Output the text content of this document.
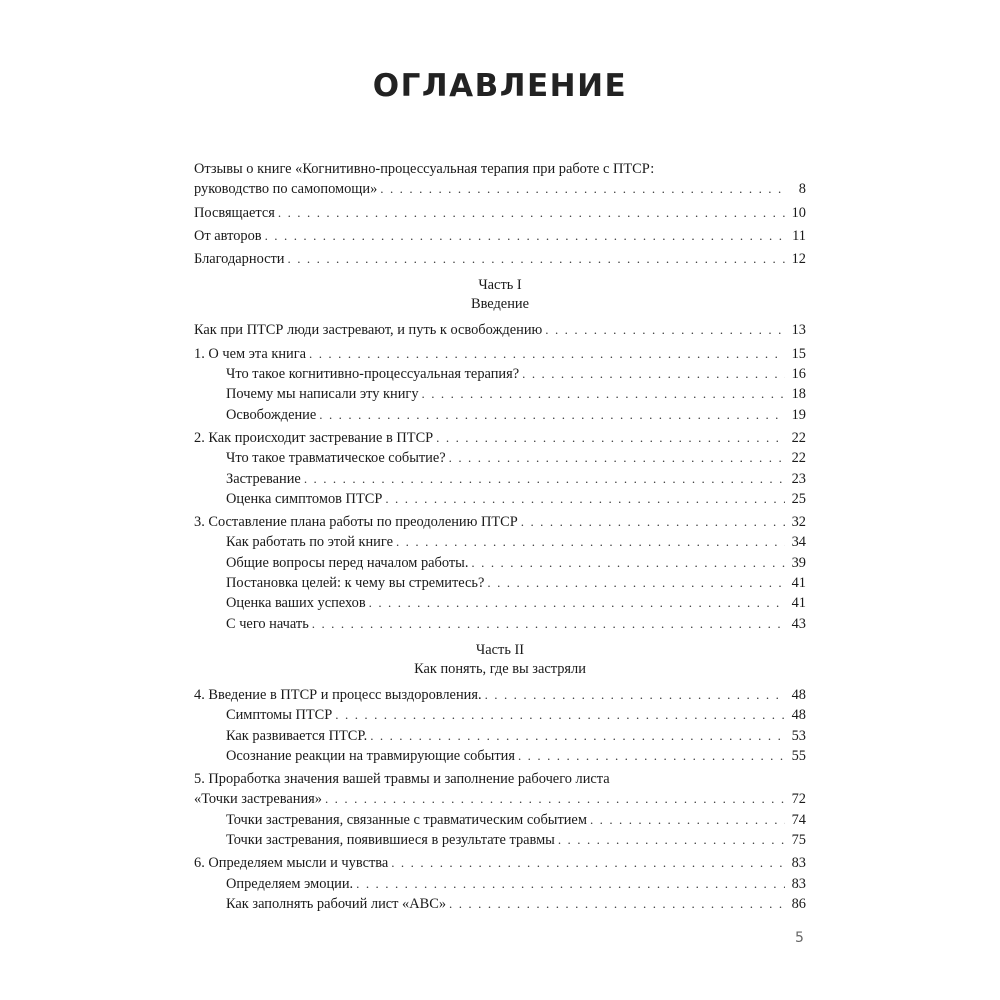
ОГЛАВЛЕНИЕ
Отзывы о книге «Когнитивно-процессуальная терапия при работе с ПТСР:
руководство по самопомощи» . . .	8
Посвящается . . .	10
От авторов . . .	11
Благодарности . . .	12
Часть I
Введение
Как при ПТСР люди застревают, и путь к освобождению . . .	13
1. О чем эта книга . . .	15
Что такое когнитивно-процессуальная терапия? . . .	16
Почему мы написали эту книгу . . .	18
Освобождение . . .	19
2. Как происходит застревание в ПТСР . . .	22
Что такое травматическое событие? . . .	22
Застревание . . .	23
Оценка симптомов ПТСР . . .	25
3. Составление плана работы по преодолению ПТСР . . .	32
Как работать по этой книге . . .	34
Общие вопросы перед началом работы. . . .	39
Постановка целей: к чему вы стремитесь? . . .	41
Оценка ваших успехов . . .	41
С чего начать . . .	43
Часть II
Как понять, где вы застряли
4. Введение в ПТСР и процесс выздоровления. . . .	48
Симптомы ПТСР . . .	48
Как развивается ПТСР. . . .	53
Осознание реакции на травмирующие события . . .	55
5. Проработка значения вашей травмы и заполнение рабочего листа
«Точки застревания» . . .	72
Точки застревания, связанные с травматическим событием . . .	74
Точки застревания, появившиеся в результате травмы . . .	75
6. Определяем мысли и чувства . . .	83
Определяем эмоции. . . .	83
Как заполнять рабочий лист «АВС» . . .	86
5
